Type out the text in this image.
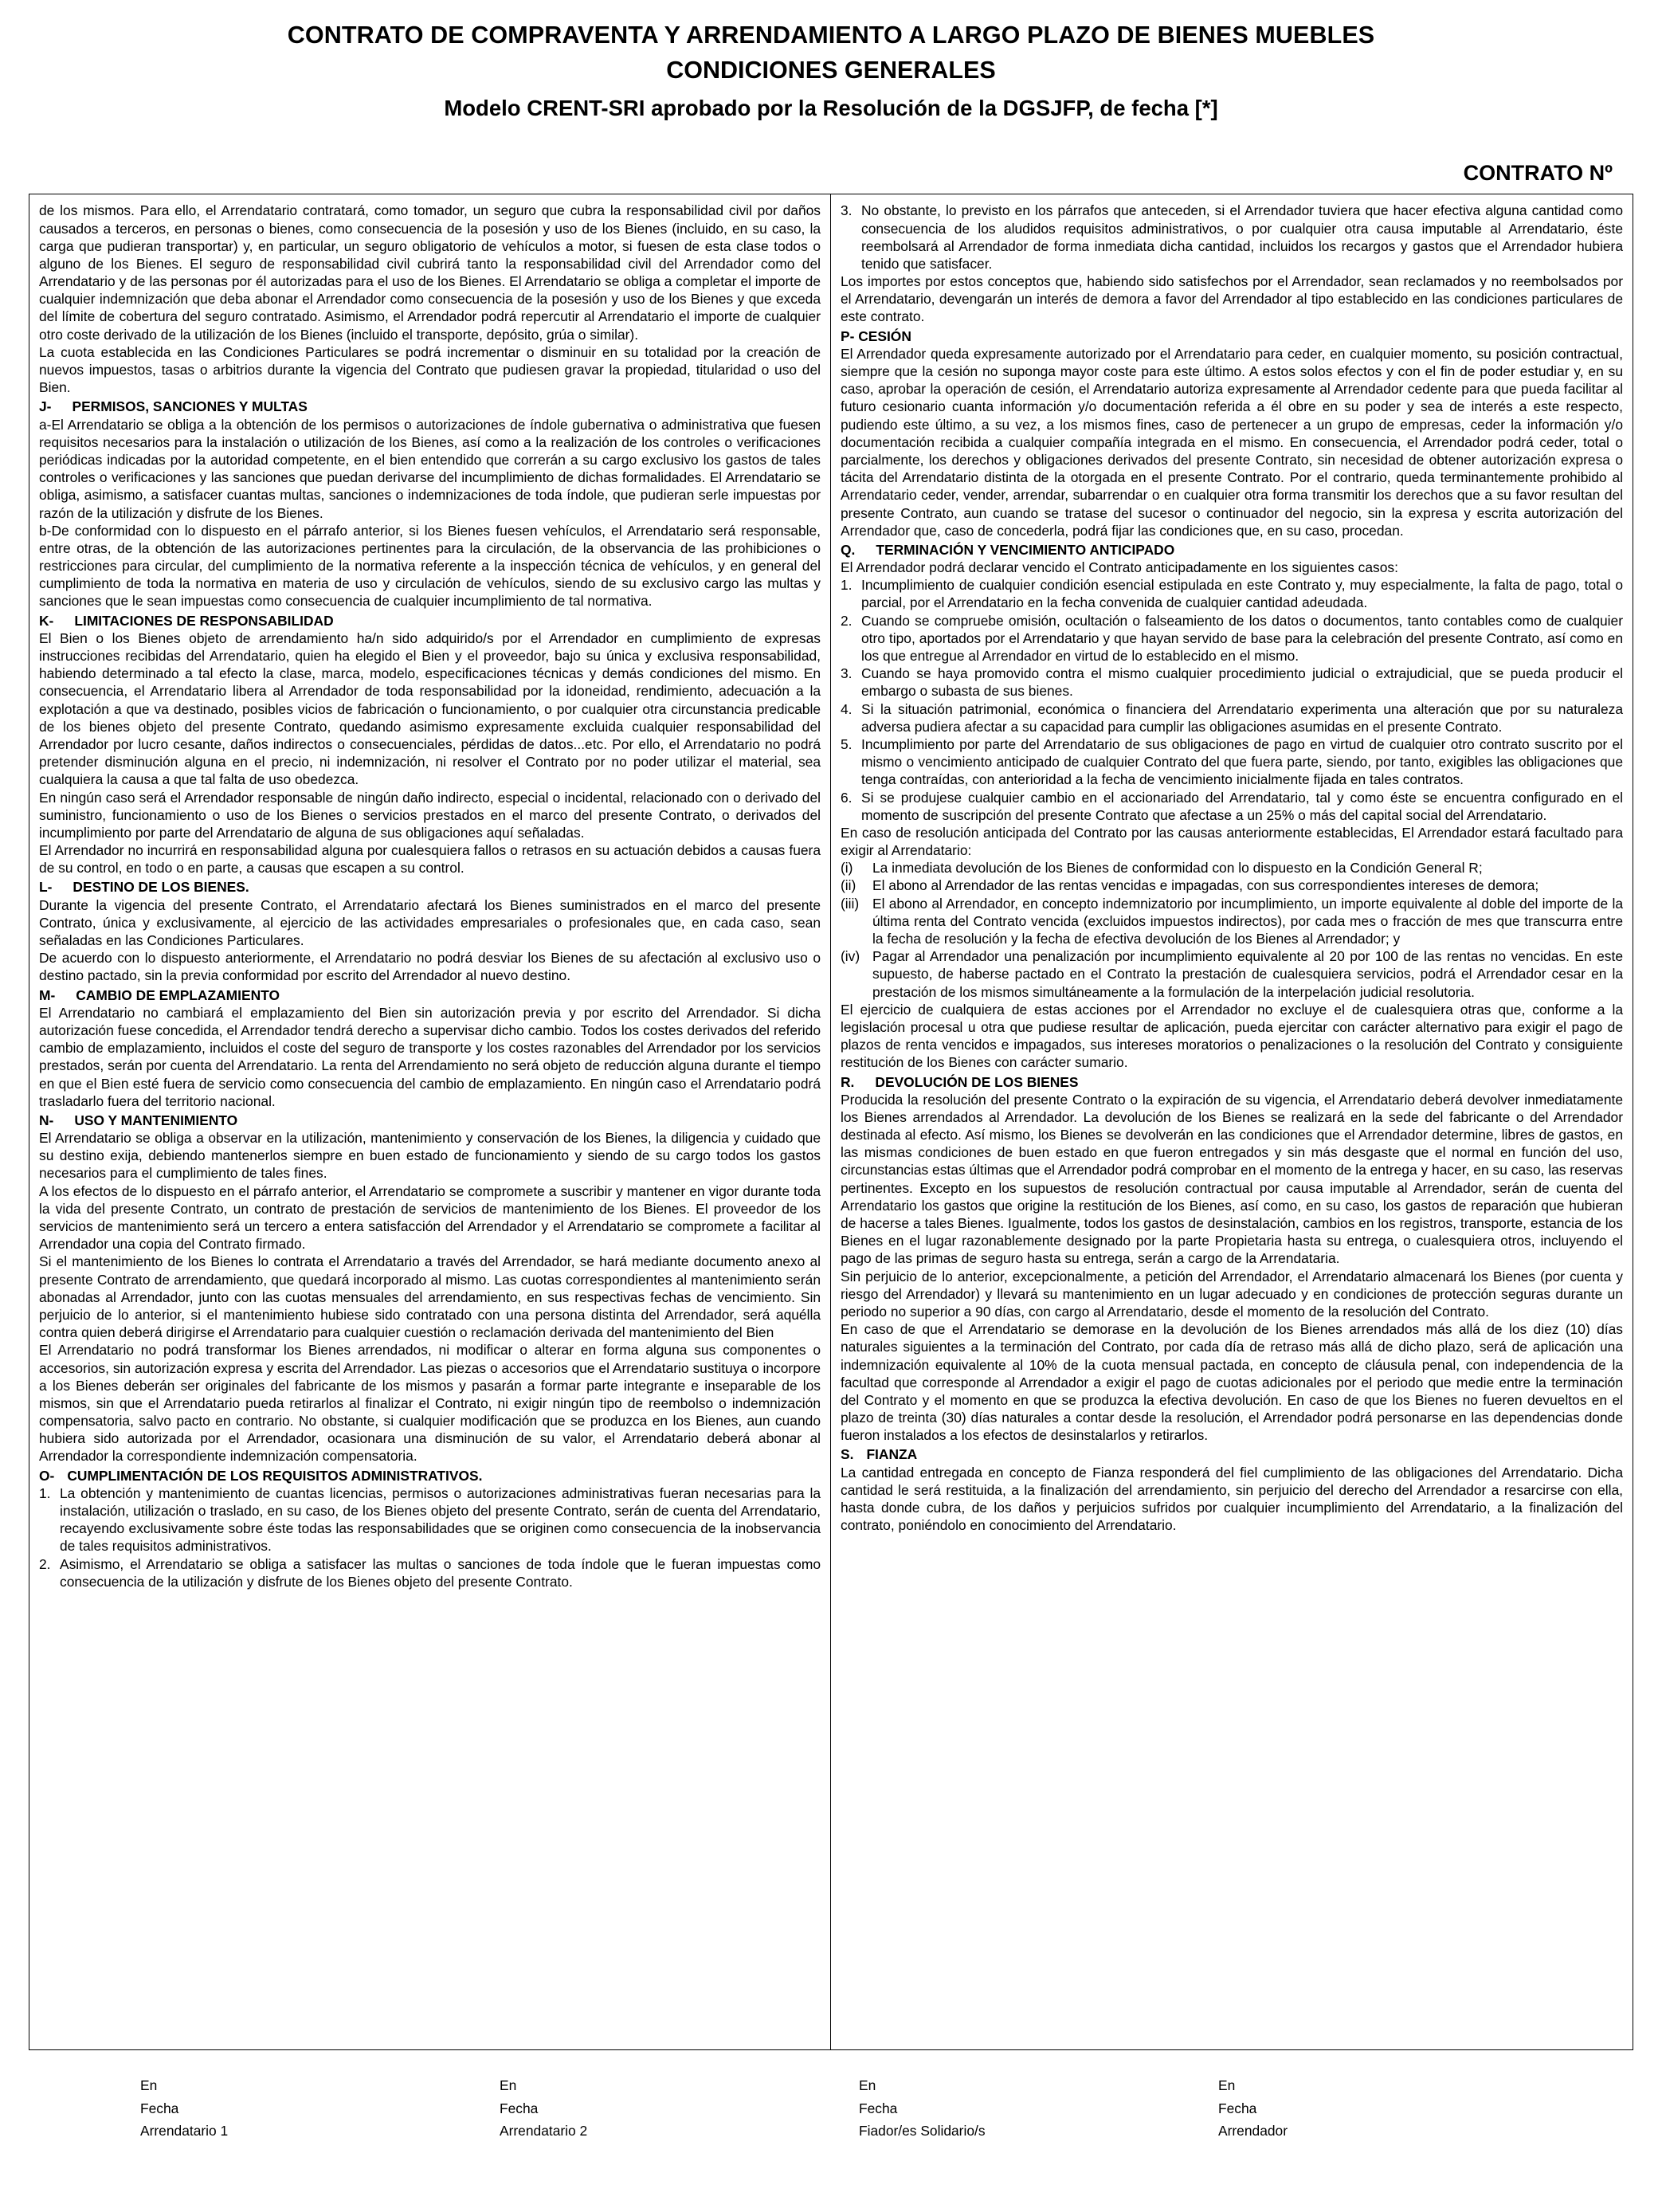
CONTRATO DE COMPRAVENTA Y ARRENDAMIENTO A LARGO PLAZO DE BIENES MUEBLES
CONDICIONES GENERALES
Modelo CRENT-SRI aprobado por la Resolución de la DGSJFP, de fecha [*]
CONTRATO Nº

de los mismos. Para ello, el Arrendatario contratará, como tomador, un seguro que cubra la responsabilidad civil por daños causados a terceros, en personas o bienes, como consecuencia de la posesión y uso de los Bienes (incluido, en su caso, la carga que pudieran transportar) y, en particular, un seguro obligatorio de vehículos a motor, si fuesen de esta clase todos o alguno de los Bienes. El seguro de responsabilidad civil cubrirá tanto la responsabilidad civil del Arrendador como del Arrendatario y de las personas por él autorizadas para el uso de los Bienes. El Arrendatario se obliga a completar el importe de cualquier indemnización que deba abonar el Arrendador como consecuencia de la posesión y uso de los Bienes y que exceda del límite de cobertura del seguro contratado. Asimismo, el Arrendador podrá repercutir al Arrendatario el importe de cualquier otro coste derivado de la utilización de los Bienes (incluido el transporte, depósito, grúa o similar).

La cuota establecida en las Condiciones Particulares se podrá incrementar o disminuir en su totalidad por la creación de nuevos impuestos, tasas o arbitrios durante la vigencia del Contrato que pudiesen gravar la propiedad, titularidad o uso del Bien.

J- PERMISOS, SANCIONES Y MULTAS

a-El Arrendatario se obliga a la obtención de los permisos o autorizaciones de índole gubernativa o administrativa que fuesen requisitos necesarios para la instalación o utilización de los Bienes, así como a la realización de los controles o verificaciones periódicas indicadas por la autoridad competente, en el bien entendido que correrán a su cargo exclusivo los gastos de tales controles o verificaciones y las sanciones que puedan derivarse del incumplimiento de dichas formalidades. El Arrendatario se obliga, asimismo, a satisfacer cuantas multas, sanciones o indemnizaciones de toda índole, que pudieran serle impuestas por razón de la utilización y disfrute de los Bienes.

b-De conformidad con lo dispuesto en el párrafo anterior, si los Bienes fuesen vehículos, el Arrendatario será responsable, entre otras, de la obtención de las autorizaciones pertinentes para la circulación, de la observancia de las prohibiciones o restricciones para circular, del cumplimiento de la normativa referente a la inspección técnica de vehículos, y en general del cumplimiento de toda la normativa en materia de uso y circulación de vehículos, siendo de su exclusivo cargo las multas y sanciones que le sean impuestas como consecuencia de cualquier incumplimiento de tal normativa.

K- LIMITACIONES DE RESPONSABILIDAD

El Bien o los Bienes objeto de arrendamiento ha/n sido adquirido/s por el Arrendador en cumplimiento de expresas instrucciones recibidas del Arrendatario, quien ha elegido el Bien y el proveedor, bajo su única y exclusiva responsabilidad, habiendo determinado a tal efecto la clase, marca, modelo, especificaciones técnicas y demás condiciones del mismo. En consecuencia, el Arrendatario libera al Arrendador de toda responsabilidad por la idoneidad, rendimiento, adecuación a la explotación a que va destinado, posibles vicios de fabricación o funcionamiento, o por cualquier otra circunstancia predicable de los bienes objeto del presente Contrato, quedando asimismo expresamente excluida cualquier responsabilidad del Arrendador por lucro cesante, daños indirectos o consecuenciales, pérdidas de datos...etc. Por ello, el Arrendatario no podrá pretender disminución alguna en el precio, ni indemnización, ni resolver el Contrato por no poder utilizar el material, sea cualquiera la causa a que tal falta de uso obedezca.

En ningún caso será el Arrendador responsable de ningún daño indirecto, especial o incidental, relacionado con o derivado del suministro, funcionamiento o uso de los Bienes o servicios prestados en el marco del presente Contrato, o derivados del incumplimiento por parte del Arrendatario de alguna de sus obligaciones aquí señaladas.

El Arrendador no incurrirá en responsabilidad alguna por cualesquiera fallos o retrasos en su actuación debidos a causas fuera de su control, en todo o en parte, a causas que escapen a su control.

L- DESTINO DE LOS BIENES.

Durante la vigencia del presente Contrato, el Arrendatario afectará los Bienes suministrados en el marco del presente Contrato, única y exclusivamente, al ejercicio de las actividades empresariales o profesionales que, en cada caso, sean señaladas en las Condiciones Particulares.

De acuerdo con lo dispuesto anteriormente, el Arrendatario no podrá desviar los Bienes de su afectación al exclusivo uso o destino pactado, sin la previa conformidad por escrito del Arrendador al nuevo destino.

M- CAMBIO DE EMPLAZAMIENTO

El Arrendatario no cambiará el emplazamiento del Bien sin autorización previa y por escrito del Arrendador. Si dicha autorización fuese concedida, el Arrendador tendrá derecho a supervisar dicho cambio. Todos los costes derivados del referido cambio de emplazamiento, incluidos el coste del seguro de transporte y los costes razonables del Arrendador por los servicios prestados, serán por cuenta del Arrendatario. La renta del Arrendamiento no será objeto de reducción alguna durante el tiempo en que el Bien esté fuera de servicio como consecuencia del cambio de emplazamiento. En ningún caso el Arrendatario podrá trasladarlo fuera del territorio nacional.

N- USO Y MANTENIMIENTO

El Arrendatario se obliga a observar en la utilización, mantenimiento y conservación de los Bienes, la diligencia y cuidado que su destino exija, debiendo mantenerlos siempre en buen estado de funcionamiento y siendo de su cargo todos los gastos necesarios para el cumplimiento de tales fines.

A los efectos de lo dispuesto en el párrafo anterior, el Arrendatario se compromete a suscribir y mantener en vigor durante toda la vida del presente Contrato, un contrato de prestación de servicios de mantenimiento de los Bienes. El proveedor de los servicios de mantenimiento será un tercero a entera satisfacción del Arrendador y el Arrendatario se compromete a facilitar al Arrendador una copia del Contrato firmado.

Si el mantenimiento de los Bienes lo contrata el Arrendatario a través del Arrendador, se hará mediante documento anexo al presente Contrato de arrendamiento, que quedará incorporado al mismo. Las cuotas correspondientes al mantenimiento serán abonadas al Arrendador, junto con las cuotas mensuales del arrendamiento, en sus respectivas fechas de vencimiento. Sin perjuicio de lo anterior, si el mantenimiento hubiese sido contratado con una persona distinta del Arrendador, será aquélla contra quien deberá dirigirse el Arrendatario para cualquier cuestión o reclamación derivada del mantenimiento del Bien

El Arrendatario no podrá transformar los Bienes arrendados, ni modificar o alterar en forma alguna sus componentes o accesorios, sin autorización expresa y escrita del Arrendador. Las piezas o accesorios que el Arrendatario sustituya o incorpore a los Bienes deberán ser originales del fabricante de los mismos y pasarán a formar parte integrante e inseparable de los mismos, sin que el Arrendatario pueda retirarlos al finalizar el Contrato, ni exigir ningún tipo de reembolso o indemnización compensatoria, salvo pacto en contrario. No obstante, si cualquier modificación que se produzca en los Bienes, aun cuando hubiera sido autorizada por el Arrendador, ocasionara una disminución de su valor, el Arrendatario deberá abonar al Arrendador la correspondiente indemnización compensatoria.

O- CUMPLIMENTACIÓN DE LOS REQUISITOS ADMINISTRATIVOS.
1. La obtención y mantenimiento de cuantas licencias, permisos o autorizaciones administrativas fueran necesarias para la instalación, utilización o traslado, en su caso, de los Bienes objeto del presente Contrato, serán de cuenta del Arrendatario, recayendo exclusivamente sobre éste todas las responsabilidades que se originen como consecuencia de la inobservancia de tales requisitos administrativos.
2. Asimismo, el Arrendatario se obliga a satisfacer las multas o sanciones de toda índole que le fueran impuestas como consecuencia de la utilización y disfrute de los Bienes objeto del presente Contrato.
3. No obstante, lo previsto en los párrafos que anteceden, si el Arrendador tuviera que hacer efectiva alguna cantidad como consecuencia de los aludidos requisitos administrativos, o por cualquier otra causa imputable al Arrendatario, éste reembolsará al Arrendador de forma inmediata dicha cantidad, incluidos los recargos y gastos que el Arrendador hubiera tenido que satisfacer.

Los importes por estos conceptos que, habiendo sido satisfechos por el Arrendador, sean reclamados y no reembolsados por el Arrendatario, devengarán un interés de demora a favor del Arrendador al tipo establecido en las condiciones particulares de este contrato.

P- CESIÓN

El Arrendador queda expresamente autorizado por el Arrendatario para ceder, en cualquier momento, su posición contractual, siempre que la cesión no suponga mayor coste para este último. A estos solos efectos y con el fin de poder estudiar y, en su caso, aprobar la operación de cesión, el Arrendatario autoriza expresamente al Arrendador cedente para que pueda facilitar al futuro cesionario cuanta información y/o documentación referida a él obre en su poder y sea de interés a este respecto, pudiendo este último, a su vez, a los mismos fines, caso de pertenecer a un grupo de empresas, ceder la información y/o documentación recibida a cualquier compañía integrada en el mismo. En consecuencia, el Arrendador podrá ceder, total o parcialmente, los derechos y obligaciones derivados del presente Contrato, sin necesidad de obtener autorización expresa o tácita del Arrendatario distinta de la otorgada en el presente Contrato. Por el contrario, queda terminantemente prohibido al Arrendatario ceder, vender, arrendar, subarrendar o en cualquier otra forma transmitir los derechos que a su favor resultan del presente Contrato, aun cuando se tratase del sucesor o continuador del negocio, sin la expresa y escrita autorización del Arrendador que, caso de concederla, podrá fijar las condiciones que, en su caso, procedan.

Q. TERMINACIÓN Y VENCIMIENTO ANTICIPADO

El Arrendador podrá declarar vencido el Contrato anticipadamente en los siguientes casos:

1. Incumplimiento de cualquier condición esencial estipulada en este Contrato y, muy especialmente, la falta de pago, total o parcial, por el Arrendatario en la fecha convenida de cualquier cantidad adeudada.
2. Cuando se compruebe omisión, ocultación o falseamiento de los datos o documentos, tanto contables como de cualquier otro tipo, aportados por el Arrendatario y que hayan servido de base para la celebración del presente Contrato, así como en los que entregue al Arrendador en virtud de lo establecido en el mismo.
3. Cuando se haya promovido contra el mismo cualquier procedimiento judicial o extrajudicial, que se pueda producir el embargo o subasta de sus bienes.
4. Si la situación patrimonial, económica o financiera del Arrendatario experimenta una alteración que por su naturaleza adversa pudiera afectar a su capacidad para cumplir las obligaciones asumidas en el presente Contrato.
5. Incumplimiento por parte del Arrendatario de sus obligaciones de pago en virtud de cualquier otro contrato suscrito por el mismo o vencimiento anticipado de cualquier Contrato del que fuera parte, siendo, por tanto, exigibles las obligaciones que tenga contraídas, con anterioridad a la fecha de vencimiento inicialmente fijada en tales contratos.
6. Si se produjese cualquier cambio en el accionariado del Arrendatario, tal y como éste se encuentra configurado en el momento de suscripción del presente Contrato que afectase a un 25% o más del capital social del Arrendatario.

En caso de resolución anticipada del Contrato por las causas anteriormente establecidas, El Arrendador estará facultado para exigir al Arrendatario:

(i)	La inmediata devolución de los Bienes de conformidad con lo dispuesto en la Condición General R;
(ii)	El abono al Arrendador de las rentas vencidas e impagadas, con sus correspondientes intereses de demora;
(iii) El abono al Arrendador, en concepto indemnizatorio por incumplimiento, un importe equivalente al doble del importe de la última renta del Contrato vencida (excluidos impuestos indirectos), por cada mes o fracción de mes que transcurra entre la fecha de resolución y la fecha de efectiva devolución de los Bienes al Arrendador; y
(iv) Pagar al Arrendador una penalización por incumplimiento equivalente al 20 por 100 de las rentas no vencidas. En este supuesto, de haberse pactado en el Contrato la prestación de cualesquiera servicios, podrá el Arrendador cesar en la prestación de los mismos simultáneamente a la formulación de la interpelación judicial resolutoria.

El ejercicio de cualquiera de estas acciones por el Arrendador no excluye el de cualesquiera otras que, conforme a la legislación procesal u otra que pudiese resultar de aplicación, pueda ejercitar con carácter alternativo para exigir el pago de plazos de renta vencidos e impagados, sus intereses moratorios o penalizaciones o la resolución del Contrato y consiguiente restitución de los Bienes con carácter sumario.

R. DEVOLUCIÓN DE LOS BIENES

Producida la resolución del presente Contrato o la expiración de su vigencia, el Arrendatario deberá devolver inmediatamente los Bienes arrendados al Arrendador. La devolución de los Bienes se realizará en la sede del fabricante o del Arrendador destinada al efecto. Así mismo, los Bienes se devolverán en las condiciones que el Arrendador determine, libres de gastos, en las mismas condiciones de buen estado en que fueron entregados y sin más desgaste que el normal en función del uso, circunstancias estas últimas que el Arrendador podrá comprobar en el momento de la entrega y hacer, en su caso, las reservas pertinentes. Excepto en los supuestos de resolución contractual por causa imputable al Arrendador, serán de cuenta del Arrendatario los gastos que origine la restitución de los Bienes, así como, en su caso, los gastos de reparación que hubieran de hacerse a tales Bienes. Igualmente, todos los gastos de desinstalación, cambios en los registros, transporte, estancia de los Bienes en el lugar razonablemente designado por la parte Propietaria hasta su entrega, o cualesquiera otros, incluyendo el pago de las primas de seguro hasta su entrega, serán a cargo de la Arrendataria.

Sin perjuicio de lo anterior, excepcionalmente, a petición del Arrendador, el Arrendatario almacenará los Bienes (por cuenta y riesgo del Arrendador) y llevará su mantenimiento en un lugar adecuado y en condiciones de protección seguras durante un periodo no superior a 90 días, con cargo al Arrendatario, desde el momento de la resolución del Contrato.

En caso de que el Arrendatario se demorase en la devolución de los Bienes arrendados más allá de los diez (10) días naturales siguientes a la terminación del Contrato, por cada día de retraso más allá de dicho plazo, será de aplicación una indemnización equivalente al 10% de la cuota mensual pactada, en concepto de cláusula penal, con independencia de la facultad que corresponde al Arrendador a exigir el pago de cuotas adicionales por el periodo que medie entre la terminación del Contrato y el momento en que se produzca la efectiva devolución. En caso de que los Bienes no fueren devueltos en el plazo de treinta (30) días naturales a contar desde la resolución, el Arrendador podrá personarse en las dependencias donde fueron instalados a los efectos de desinstalarlos y retirarlos.

S. FIANZA

La cantidad entregada en concepto de Fianza responderá del fiel cumplimiento de las obligaciones del Arrendatario. Dicha cantidad le será restituida, a la finalización del arrendamiento, sin perjuicio del derecho del Arrendador a resarcirse con ella, hasta donde cubra, de los daños y perjuicios sufridos por cualquier incumplimiento del Arrendatario, a la finalización del contrato, poniéndolo en conocimiento del Arrendatario.

En
Fecha
Arrendatario 1
En
Fecha
Arrendatario 2
En
Fecha
Fiador/es Solidario/s
En
Fecha
Arrendador
